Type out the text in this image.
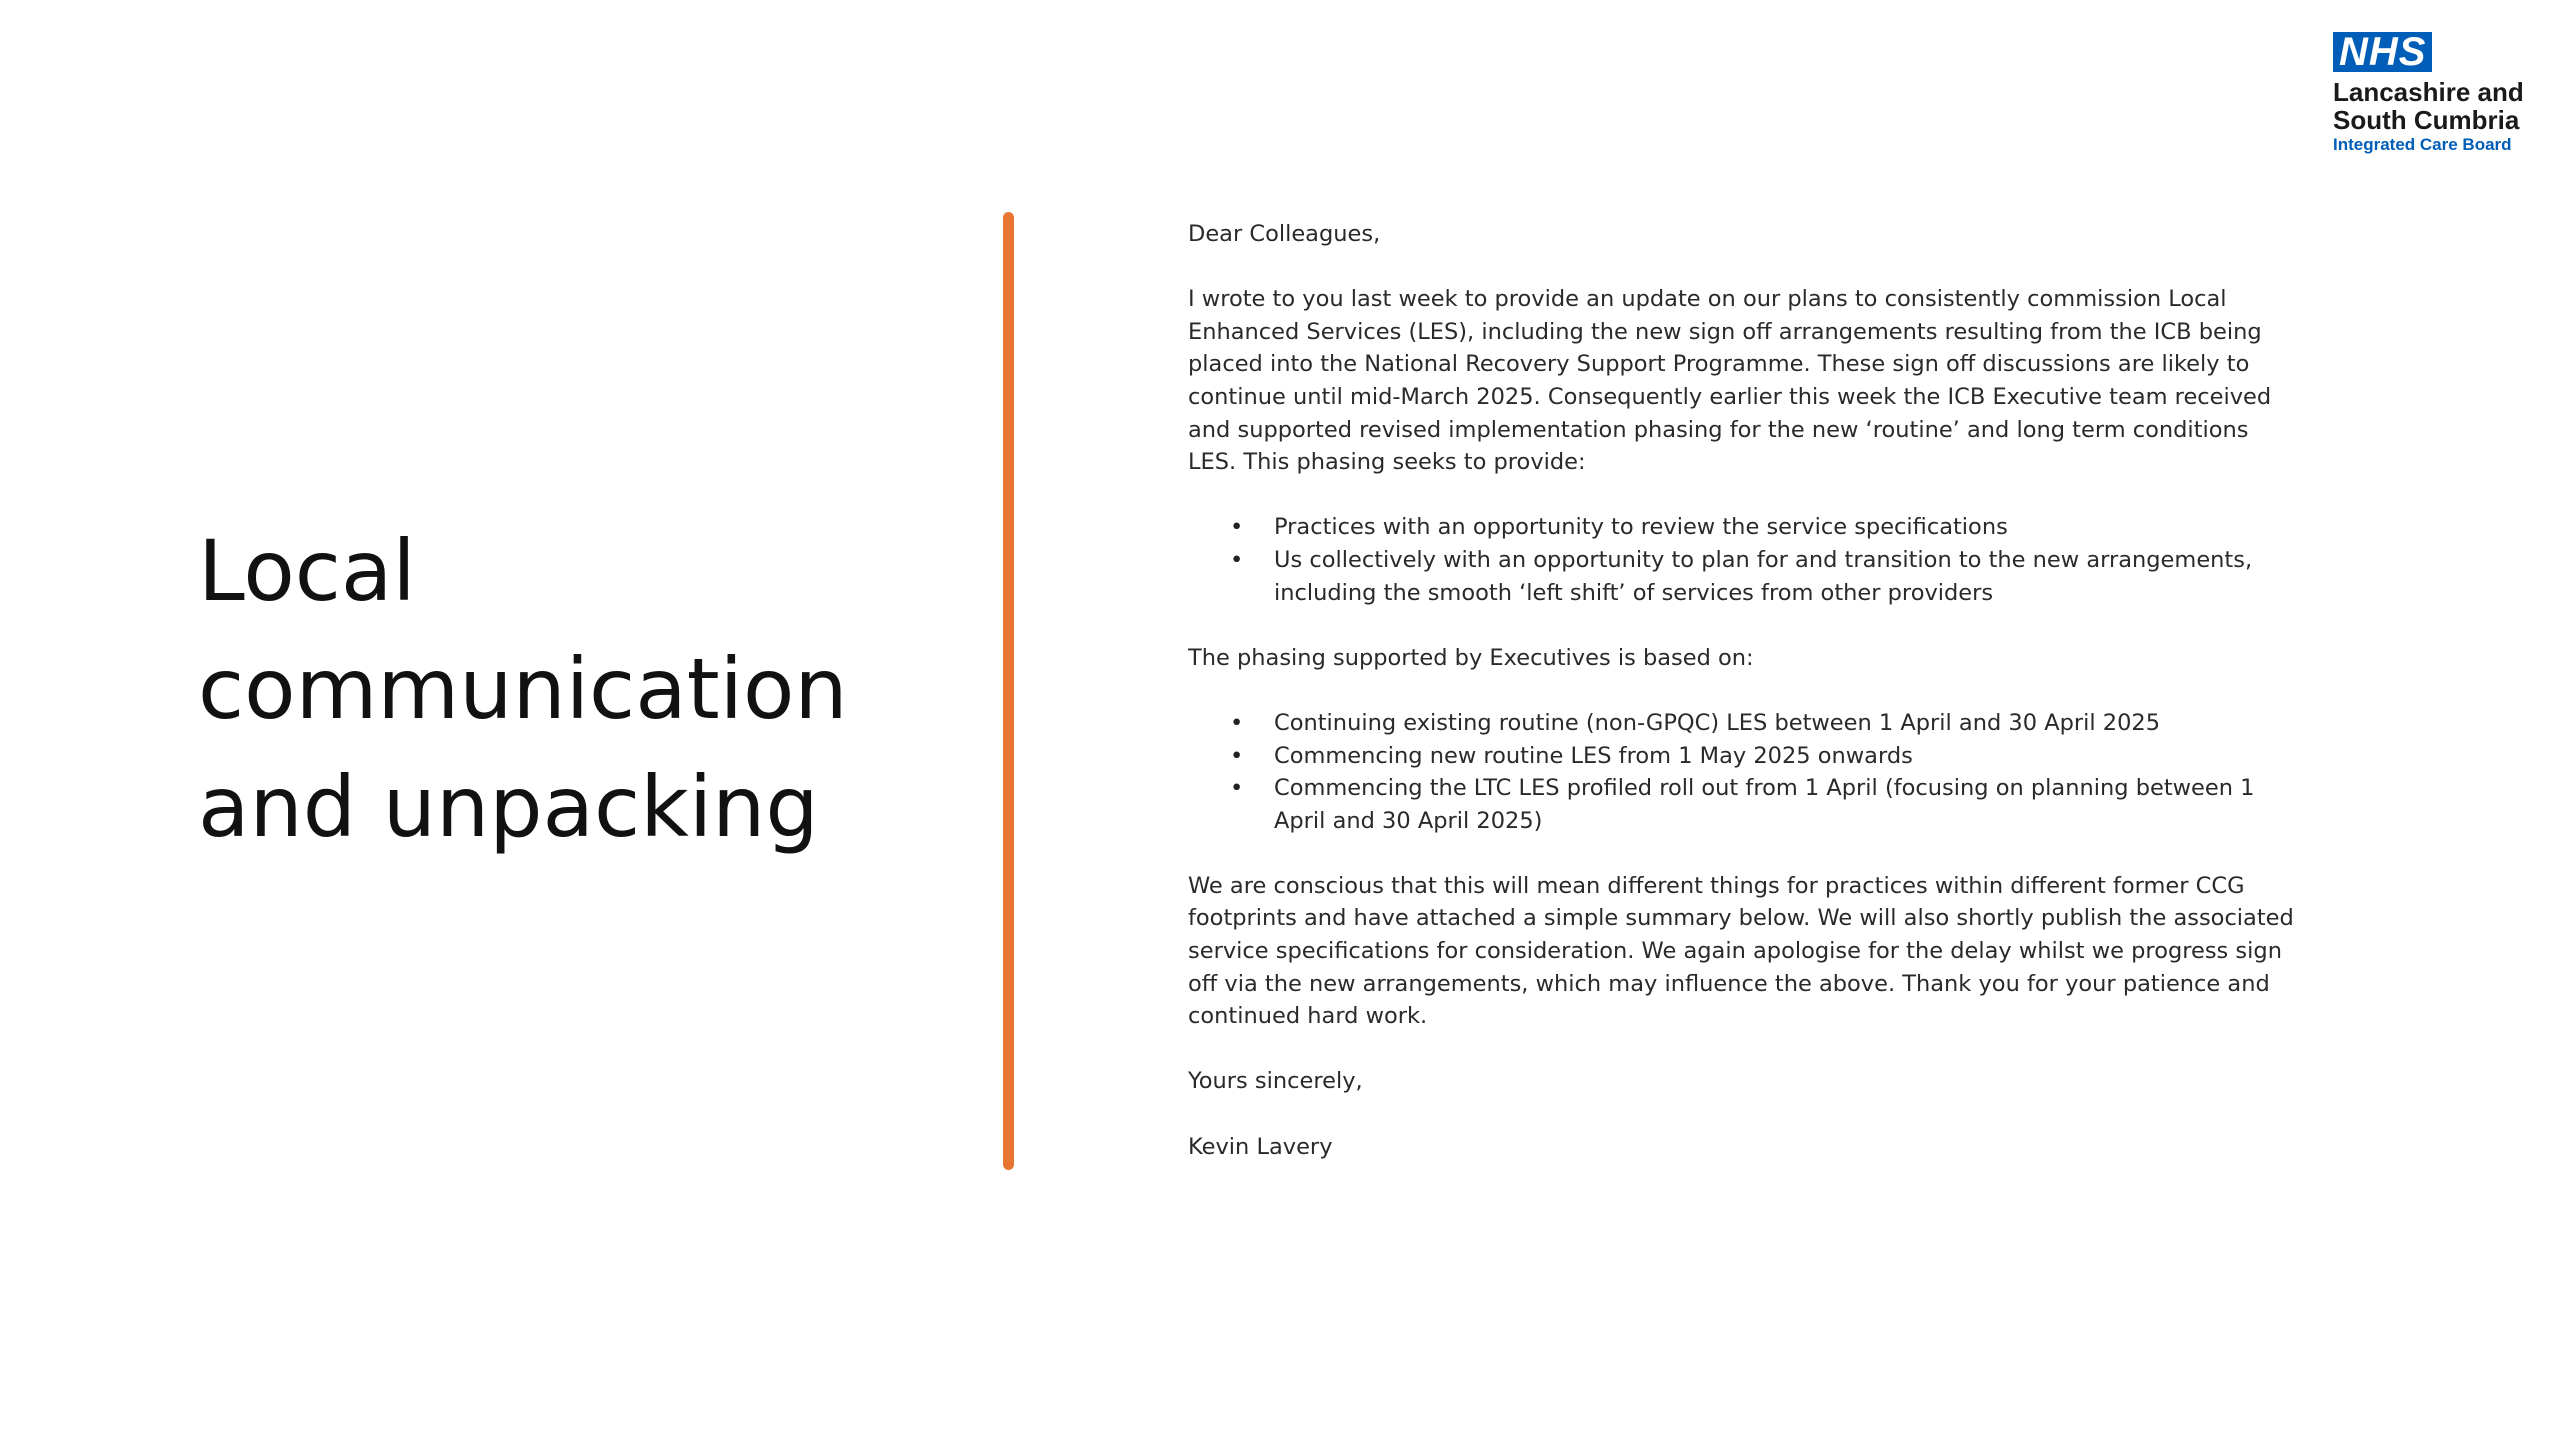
NHS
Lancashire and
South Cumbria
Integrated Care Board
Local
communication
and unpacking

Dear Colleagues,

I wrote to you last week to provide an update on our plans to consistently commission Local
Enhanced Services (LES), including the new sign off arrangements resulting from the ICB being
placed into the National Recovery Support Programme. These sign off discussions are likely to
continue until mid-March 2025. Consequently earlier this week the ICB Executive team received
and supported revised implementation phasing for the new ‘routine’ and long term conditions
LES. This phasing seeks to provide:

• Practices with an opportunity to review the service specifications
• Us collectively with an opportunity to plan for and transition to the new arrangements,
including the smooth ‘left shift’ of services from other providers

The phasing supported by Executives is based on:

• Continuing existing routine (non-GPQC) LES between 1 April and 30 April 2025
• Commencing new routine LES from 1 May 2025 onwards
• Commencing the LTC LES profiled roll out from 1 April (focusing on planning between 1
April and 30 April 2025)

We are conscious that this will mean different things for practices within different former CCG
footprints and have attached a simple summary below. We will also shortly publish the associated
service specifications for consideration. We again apologise for the delay whilst we progress sign
off via the new arrangements, which may influence the above. Thank you for your patience and
continued hard work.

Yours sincerely,

Kevin Lavery
